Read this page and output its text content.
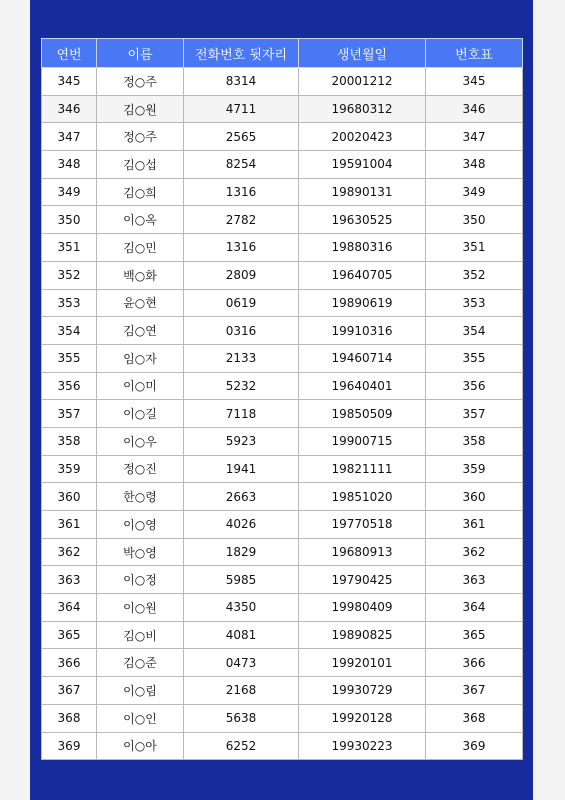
연번	이름	전화번호 뒷자리	생년월일	번호표
345	정○주	8314	20001212	345
346	김○원	4711	19680312	346
347	정○주	2565	20020423	347
348	김○섭	8254	19591004	348
349	김○희	1316	19890131	349
350	이○옥	2782	19630525	350
351	김○민	1316	19880316	351
352	백○화	2809	19640705	352
353	윤○현	0619	19890619	353
354	김○연	0316	19910316	354
355	임○자	2133	19460714	355
356	이○미	5232	19640401	356
357	이○길	7118	19850509	357
358	이○우	5923	19900715	358
359	정○진	1941	19821111	359
360	한○령	2663	19851020	360
361	이○영	4026	19770518	361
362	박○영	1829	19680913	362
363	이○정	5985	19790425	363
364	이○원	4350	19980409	364
365	김○비	4081	19890825	365
366	김○준	0473	19920101	366
367	이○림	2168	19930729	367
368	이○인	5638	19920128	368
369	이○아	6252	19930223	369
